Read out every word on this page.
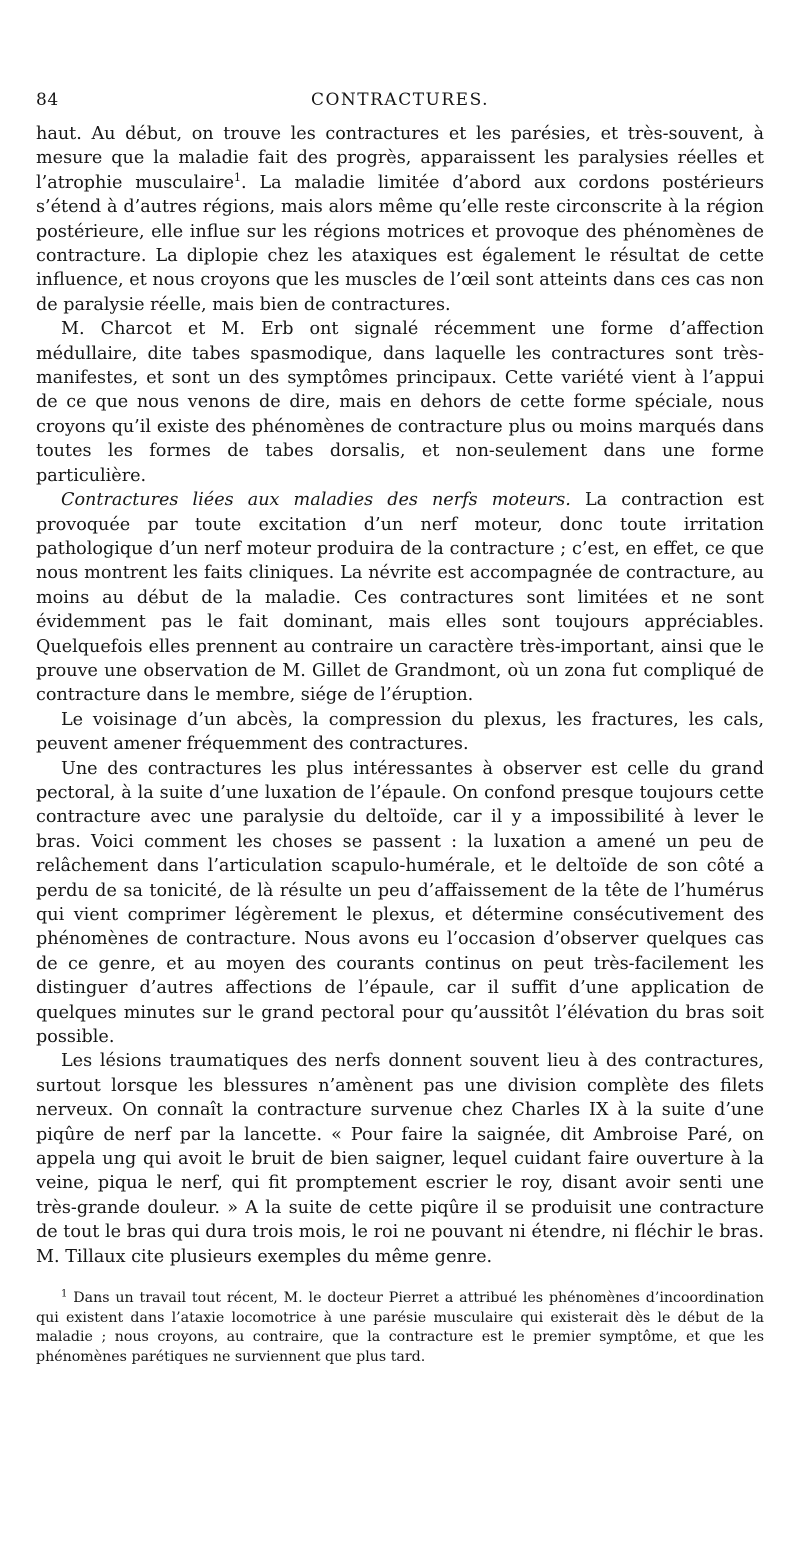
84	CONTRACTURES.

haut. Au début, on trouve les contractures et les parésies, et très-souvent, à mesure que la maladie fait des progrès, apparaissent les paralysies réelles et l’atrophie musculaire$^1$. La maladie limitée d’abord aux cordons postérieurs s’étend à d’autres régions, mais alors même qu’elle reste circonscrite à la région postérieure, elle influe sur les régions motrices et provoque des phénomènes de contracture. La diplopie chez les ataxiques est également le résultat de cette influence, et nous croyons que les muscles de l’œil sont atteints dans ces cas non de paralysie réelle, mais bien de contractures.

M. Charcot et M. Erb ont signalé récemment une forme d’affection médullaire, dite tabes spasmodique, dans laquelle les contractures sont très-manifestes, et sont un des symptômes principaux. Cette variété vient à l’appui de ce que nous venons de dire, mais en dehors de cette forme spéciale, nous croyons qu’il existe des phénomènes de contracture plus ou moins marqués dans toutes les formes de tabes dorsalis, et non-seulement dans une forme particulière.

Contractures liées aux maladies des nerfs moteurs. La contraction est provoquée par toute excitation d’un nerf moteur, donc toute irritation pathologique d’un nerf moteur produira de la contracture ; c’est, en effet, ce que nous montrent les faits cliniques. La névrite est accompagnée de contracture, au moins au début de la maladie. Ces contractures sont limitées et ne sont évidemment pas le fait dominant, mais elles sont toujours appréciables. Quelquefois elles prennent au contraire un caractère très-important, ainsi que le prouve une observation de M. Gillet de Grandmont, où un zona fut compliqué de contracture dans le membre, siége de l’éruption.

Le voisinage d’un abcès, la compression du plexus, les fractures, les cals, peuvent amener fréquemment des contractures.

Une des contractures les plus intéressantes à observer est celle du grand pectoral, à la suite d’une luxation de l’épaule. On confond presque toujours cette contracture avec une paralysie du deltoïde, car il y a impossibilité à lever le bras. Voici comment les choses se passent : la luxation a amené un peu de relâchement dans l’articulation scapulo-humérale, et le deltoïde de son côté a perdu de sa tonicité, de là résulte un peu d’affaissement de la tête de l’humérus qui vient comprimer légèrement le plexus, et détermine consécutivement des phénomènes de contracture. Nous avons eu l’occasion d’observer quelques cas de ce genre, et au moyen des courants continus on peut très-facilement les distinguer d’autres affections de l’épaule, car il suffit d’une application de quelques minutes sur le grand pectoral pour qu’aussitôt l’élévation du bras soit possible.

Les lésions traumatiques des nerfs donnent souvent lieu à des contractures, surtout lorsque les blessures n’amènent pas une division complète des filets nerveux. On connaît la contracture survenue chez Charles IX à la suite d’une piqûre de nerf par la lancette. « Pour faire la saignée, dit Ambroise Paré, on appela ung qui avoit le bruit de bien saigner, lequel cuidant faire ouverture à la veine, piqua le nerf, qui fit promptement escrier le roy, disant avoir senti une très-grande douleur. » A la suite de cette piqûre il se produisit une contracture de tout le bras qui dura trois mois, le roi ne pouvant ni étendre, ni fléchir le bras. M. Tillaux cite plusieurs exemples du même genre.

$^1$ Dans un travail tout récent, M. le docteur Pierret a attribué les phénomènes d’incoordination qui existent dans l’ataxie locomotrice à une parésie musculaire qui existerait dès le début de la maladie ; nous croyons, au contraire, que la contracture est le premier symptôme, et que les phénomènes parétiques ne surviennent que plus tard.
